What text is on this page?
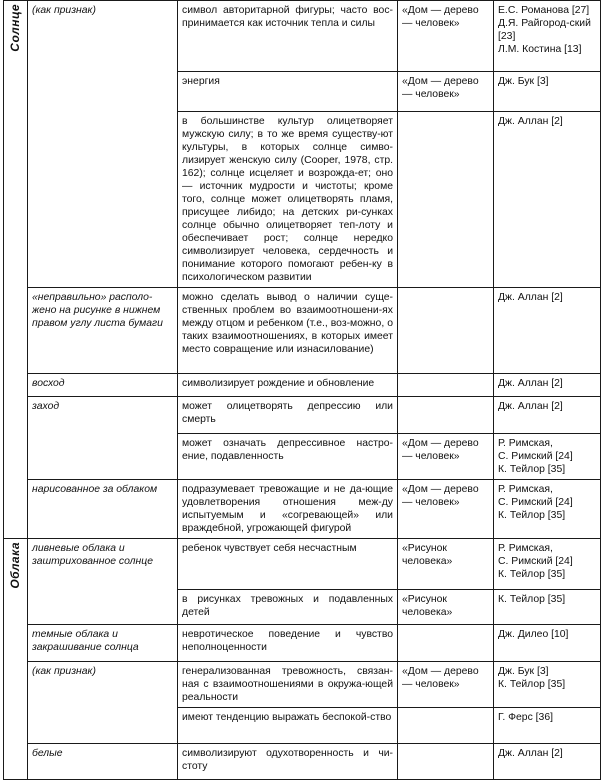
Солнце	(как признак)	символ авторитарной фигуры; часто вос-принимается как источник тепла и силы	«Дом — дерево — человек»	Е.С. Романова [27]
Д.Я. Райгород-ский [23]
Л.М. Костина [13]

		энергия	«Дом — дерево — человек»	Дж. Бук [3]
		в большинстве культур олицетворяет мужскую силу; в то же время существу-ют культуры, в которых солнце симво-лизирует женскую силу (Cooper, 1978, стр. 162); солнце исцеляет и возрожда-ет; оно — источник мудрости и чистоты; кроме того, солнце может олицетворять пламя, присущее либидо; на детских ри-сунках солнце обычно олицетворяет теп-лоту и обеспечивает рост; солнце нередко символизирует человека, сердечность и понимание которого помогают ребен-ку в психологическом развитии		Дж. Аллан [2]
	«неправильно» располо-жено на рисунке в нижнем правом углу листа бумаги	можно сделать вывод о наличии суще-ственных проблем во взаимоотношени-ях между отцом и ребенком (т.е., воз-можно, о таких взаимоотношениях, в которых имеет место совращение или изнасилование)		Дж. Аллан [2]
	восход	символизирует рождение и обновление		Дж. Аллан [2]
	заход	может олицетворять депрессию или смерть		Дж. Аллан [2]
		может означать депрессивное настро-ение, подавленность	«Дом — дерево — человек»	Р. Римская,
С. Римский [24]
К. Тейлор [35]

	нарисованное за облаком	подразумевает тревожащие и не да-ющие удовлетворения отношения меж-ду испытуемым и «согревающей» или враждебной, угрожающей фигурой	«Дом — дерево — человек»	Р. Римская,
С. Римский [24]
К. Тейлор [35]

Облака	ливневые облака и заштрихованное солнце	ребенок чувствует себя несчастным	«Рисунок человека»	Р. Римская,
С. Римский [24]
К. Тейлор [35]

		в рисунках тревожных и подавленных детей	«Рисунок человека»	К. Тейлор [35]
	темные облака и закрашивание солнца	невротическое поведение и чувство неполноценности		Дж. Дилео [10]
	(как признак)	генерализованная тревожность, связан-ная с взаимоотношениями в окружа-ющей реальности	«Дом — дерево — человек»	Дж. Бук [3]
К. Тейлор [35]

		имеют тенденцию выражать беспокой-ство		Г. Ферс [36]
	белые	символизируют одухотворенность и чи-стоту		Дж. Аллан [2]
